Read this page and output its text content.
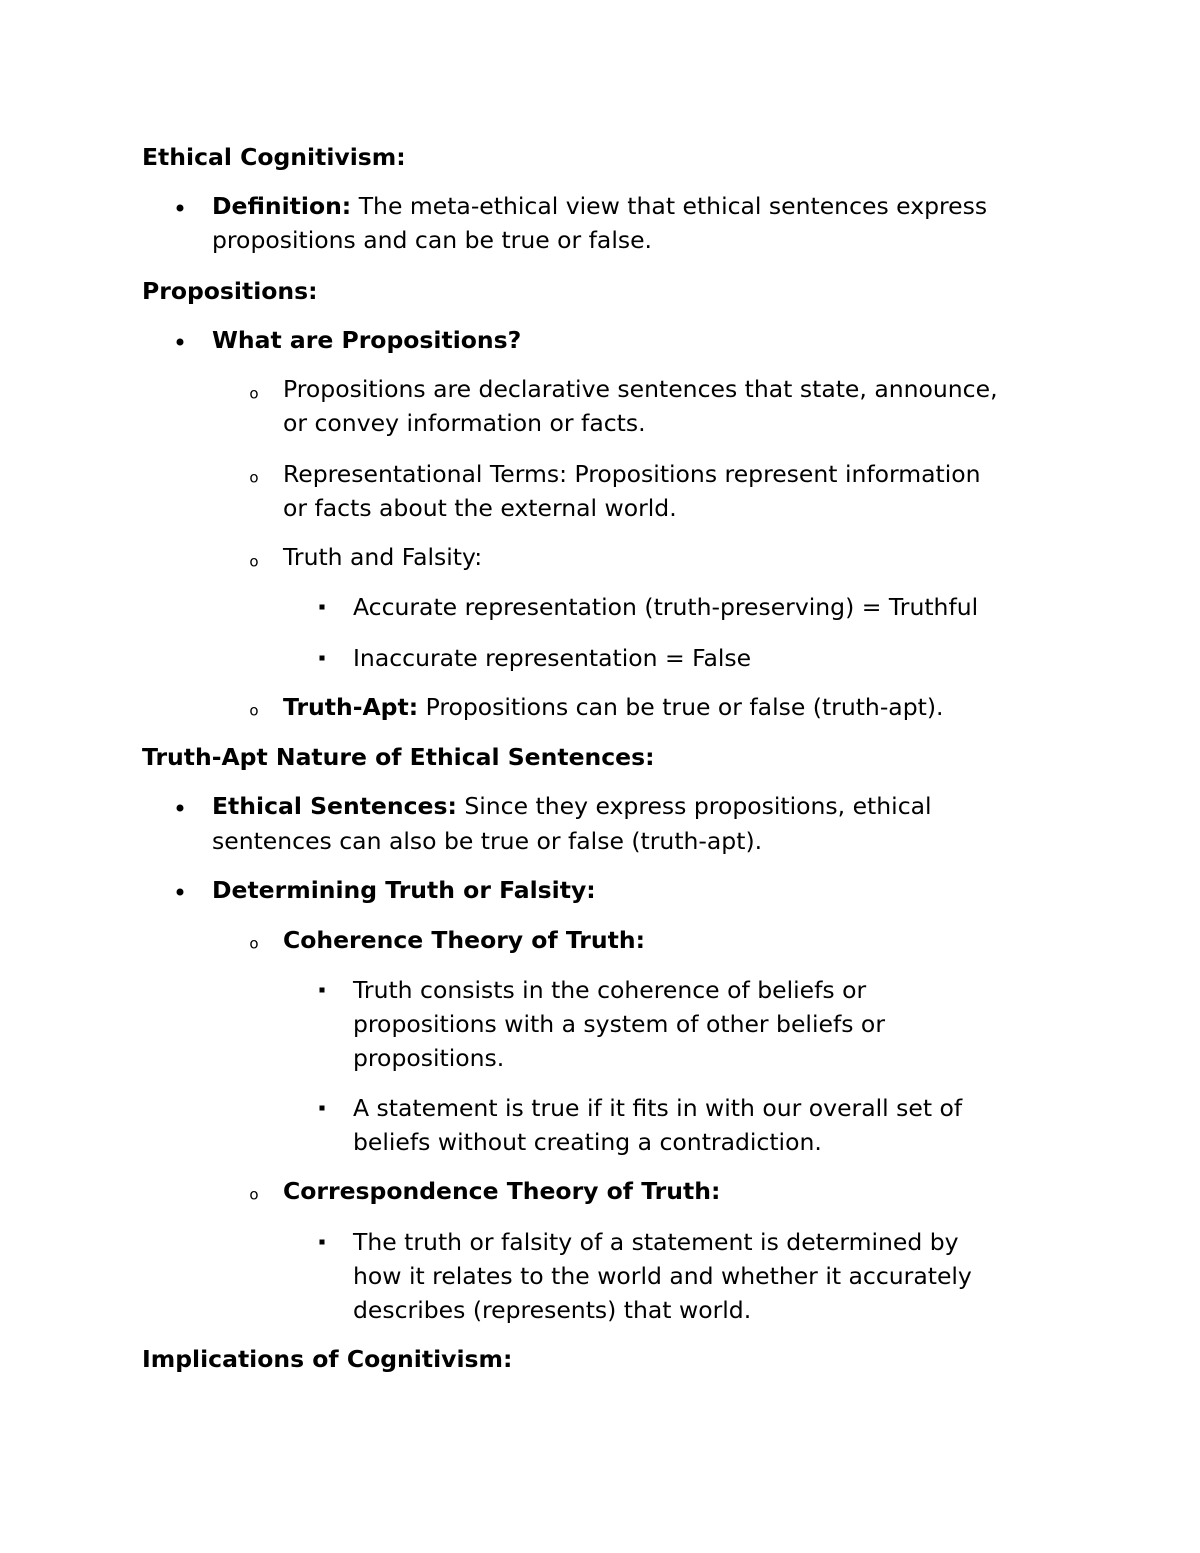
Ethical Cognitivism:
Definition: The meta-ethical view that ethical sentences express
propositions and can be true or false.
Propositions:
What are Propositions?
o Propositions are declarative sentences that state, announce,
or convey information or facts.
o Representational Terms: Propositions represent information
or facts about the external world.
o Truth and Falsity:
Accurate representation (truth-preserving) = Truthful
Inaccurate representation = False
o Truth-Apt: Propositions can be true or false (truth-apt).
Truth-Apt Nature of Ethical Sentences:
Ethical Sentences: Since they express propositions, ethical
sentences can also be true or false (truth-apt).
Determining Truth or Falsity:
o Coherence Theory of Truth:
Truth consists in the coherence of beliefs or
propositions with a system of other beliefs or
propositions.
A statement is true if it fits in with our overall set of
beliefs without creating a contradiction.
o Correspondence Theory of Truth:
The truth or falsity of a statement is determined by
how it relates to the world and whether it accurately
describes (represents) that world.
Implications of Cognitivism:
